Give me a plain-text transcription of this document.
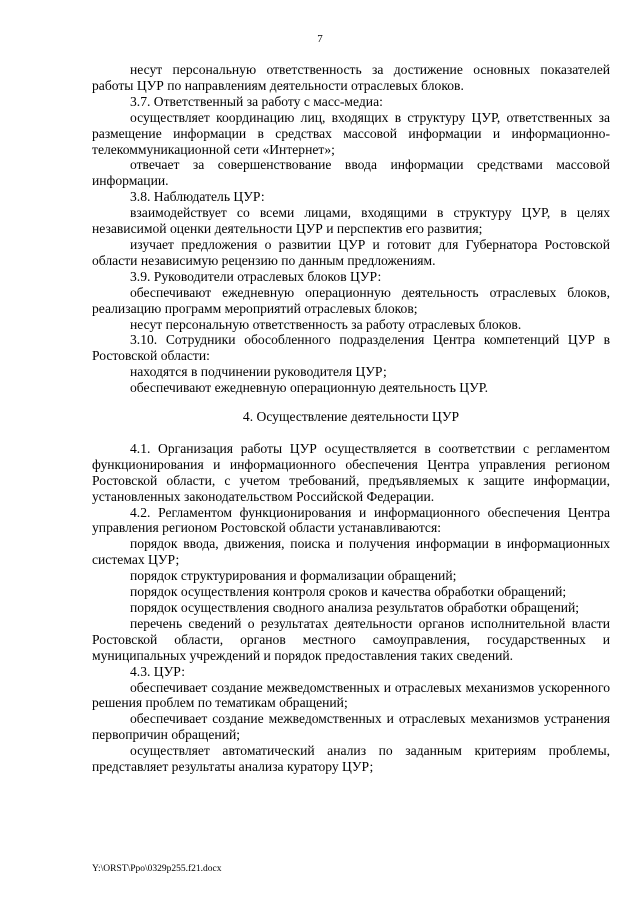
7

несут персональную ответственность за достижение основных показателей работы ЦУР по направлениям деятельности отраслевых блоков.

3.7. Ответственный за работу с масс-медиа:

осуществляет координацию лиц, входящих в структуру ЦУР, ответственных за размещение информации в средствах массовой информации и информационно-телекоммуникационной сети «Интернет»;

отвечает за совершенствование ввода информации средствами массовой информации.

3.8. Наблюдатель ЦУР:

взаимодействует со всеми лицами, входящими в структуру ЦУР, в целях независимой оценки деятельности ЦУР и перспектив его развития;

изучает предложения о развитии ЦУР и готовит для Губернатора Ростовской области независимую рецензию по данным предложениям.

3.9. Руководители отраслевых блоков ЦУР:

обеспечивают ежедневную операционную деятельность отраслевых блоков, реализацию программ мероприятий отраслевых блоков;

несут персональную ответственность за работу отраслевых блоков.

3.10. Сотрудники обособленного подразделения Центра компетенций ЦУР в Ростовской области:

находятся в подчинении руководителя ЦУР;

обеспечивают ежедневную операционную деятельность ЦУР.

4. Осуществление деятельности ЦУР

4.1. Организация работы ЦУР осуществляется в соответствии с регламентом функционирования и информационного обеспечения Центра управления регионом Ростовской области, с учетом требований, предъявляемых к защите информации, установленных законодательством Российской Федерации.

4.2. Регламентом функционирования и информационного обеспечения Центра управления регионом Ростовской области устанавливаются:

порядок ввода, движения, поиска и получения информации в информационных системах ЦУР;

порядок структурирования и формализации обращений;

порядок осуществления контроля сроков и качества обработки обращений;

порядок осуществления сводного анализа результатов обработки обращений;

перечень сведений о результатах деятельности органов исполнительной власти Ростовской области, органов местного самоуправления, государственных и муниципальных учреждений и порядок предоставления таких сведений.

4.3. ЦУР:

обеспечивает создание межведомственных и отраслевых механизмов ускоренного решения проблем по тематикам обращений;

обеспечивает создание межведомственных и отраслевых механизмов устранения первопричин обращений;

осуществляет автоматический анализ по заданным критериям проблемы, представляет результаты анализа куратору ЦУР;

Y:\ORST\Ppo\0329p255.f21.docx
